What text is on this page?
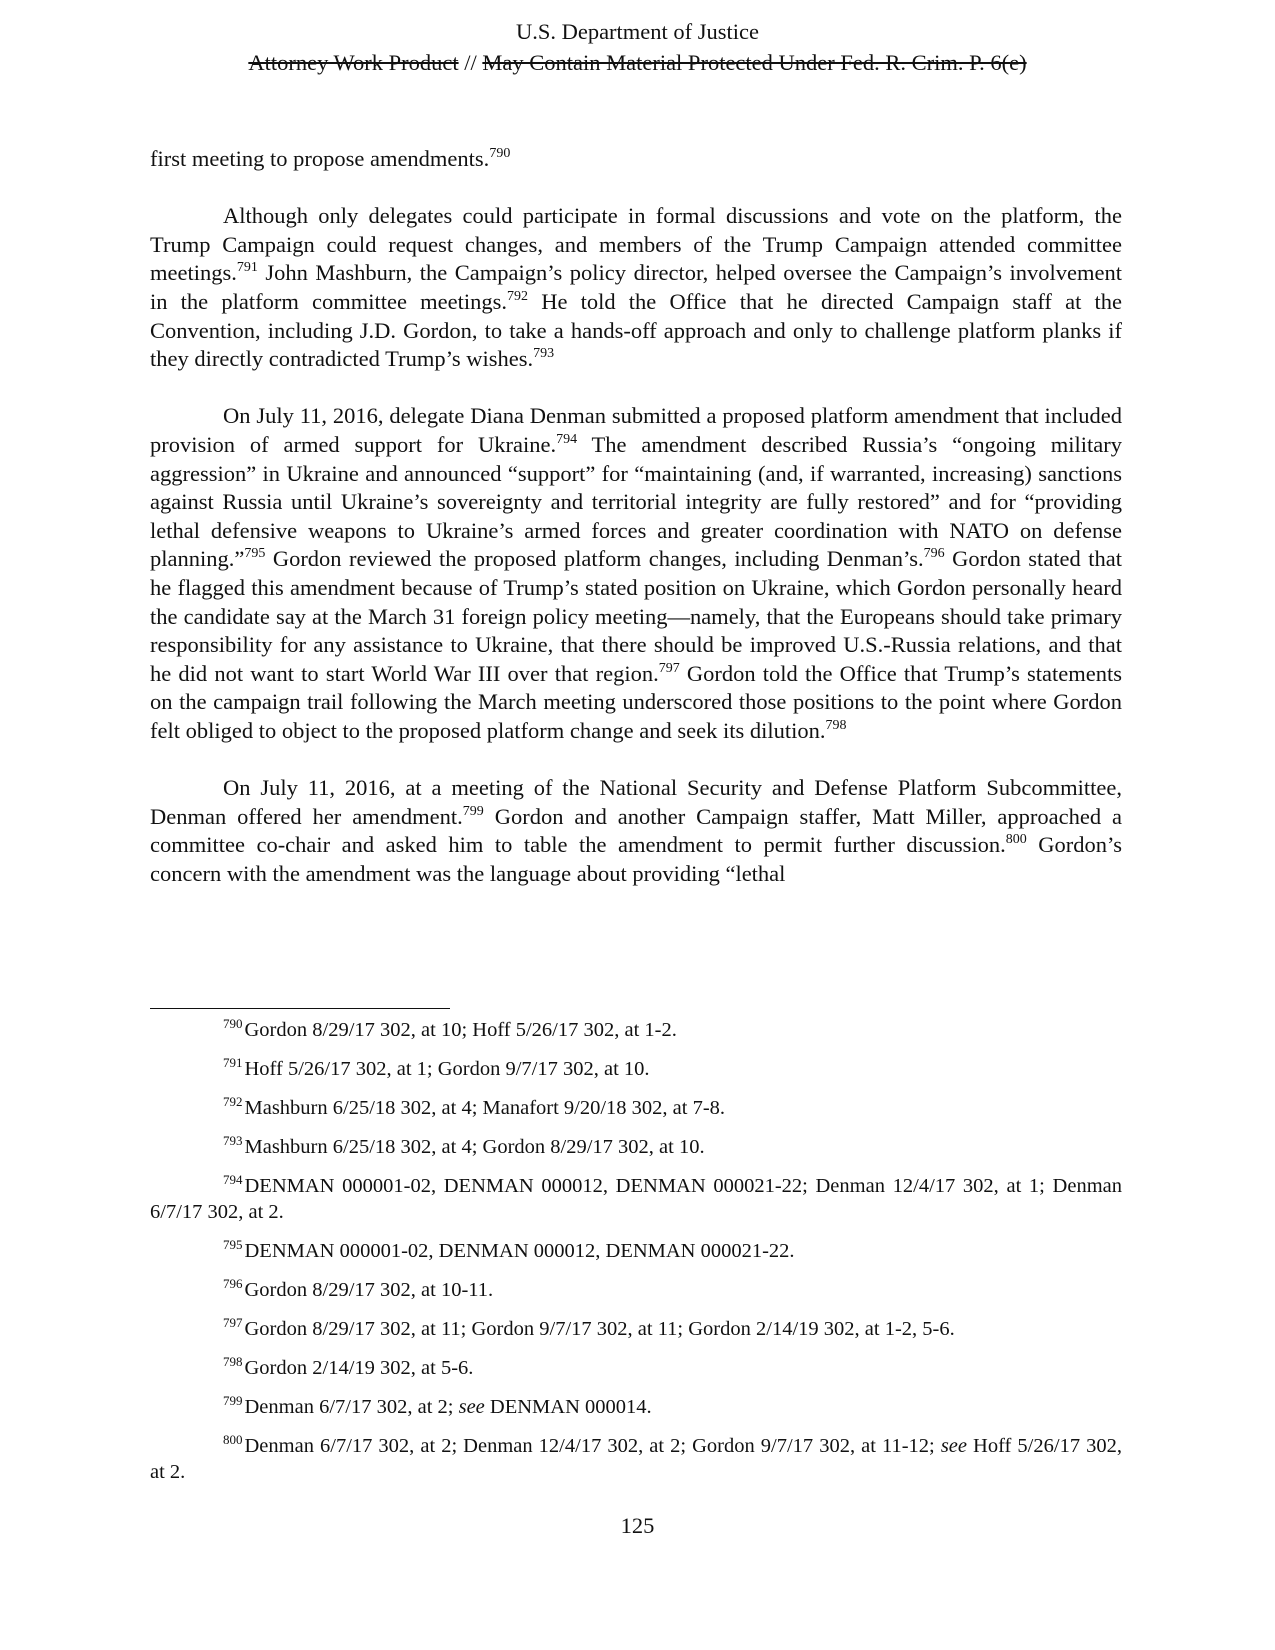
U.S. Department of Justice
Attorney Work Product // May Contain Material Protected Under Fed. R. Crim. P. 6(e)

first meeting to propose amendments.$^{790}$

Although only delegates could participate in formal discussions and vote on the platform, the Trump Campaign could request changes, and members of the Trump Campaign attended committee meetings.$^{791}$ John Mashburn, the Campaign’s policy director, helped oversee the Campaign’s involvement in the platform committee meetings.$^{792}$ He told the Office that he directed Campaign staff at the Convention, including J.D. Gordon, to take a hands-off approach and only to challenge platform planks if they directly contradicted Trump’s wishes.$^{793}$

On July 11, 2016, delegate Diana Denman submitted a proposed platform amendment that included provision of armed support for Ukraine.$^{794}$ The amendment described Russia’s “ongoing military aggression” in Ukraine and announced “support” for “maintaining (and, if warranted, increasing) sanctions against Russia until Ukraine’s sovereignty and territorial integrity are fully restored” and for “providing lethal defensive weapons to Ukraine’s armed forces and greater coordination with NATO on defense planning.”$^{795}$ Gordon reviewed the proposed platform changes, including Denman’s.$^{796}$ Gordon stated that he flagged this amendment because of Trump’s stated position on Ukraine, which Gordon personally heard the candidate say at the March 31 foreign policy meeting—namely, that the Europeans should take primary responsibility for any assistance to Ukraine, that there should be improved U.S.-Russia relations, and that he did not want to start World War III over that region.$^{797}$ Gordon told the Office that Trump’s statements on the campaign trail following the March meeting underscored those positions to the point where Gordon felt obliged to object to the proposed platform change and seek its dilution.$^{798}$

On July 11, 2016, at a meeting of the National Security and Defense Platform Subcommittee, Denman offered her amendment.$^{799}$ Gordon and another Campaign staffer, Matt Miller, approached a committee co-chair and asked him to table the amendment to permit further discussion.$^{800}$ Gordon’s concern with the amendment was the language about providing “lethal

$^{790}$Gordon 8/29/17 302, at 10; Hoff 5/26/17 302, at 1-2.
$^{791}$Hoff 5/26/17 302, at 1; Gordon 9/7/17 302, at 10.
$^{792}$Mashburn 6/25/18 302, at 4; Manafort 9/20/18 302, at 7-8.
$^{793}$Mashburn 6/25/18 302, at 4; Gordon 8/29/17 302, at 10.
$^{794}$DENMAN 000001-02, DENMAN 000012, DENMAN 000021-22; Denman 12/4/17 302, at 1; Denman 6/7/17 302, at 2.
$^{795}$DENMAN 000001-02, DENMAN 000012, DENMAN 000021-22.
$^{796}$Gordon 8/29/17 302, at 10-11.
$^{797}$Gordon 8/29/17 302, at 11; Gordon 9/7/17 302, at 11; Gordon 2/14/19 302, at 1-2, 5-6.
$^{798}$Gordon 2/14/19 302, at 5-6.
$^{799}$Denman 6/7/17 302, at 2; see DENMAN 000014.
$^{800}$Denman 6/7/17 302, at 2; Denman 12/4/17 302, at 2; Gordon 9/7/17 302, at 11-12; see Hoff 5/26/17 302, at 2.
125
